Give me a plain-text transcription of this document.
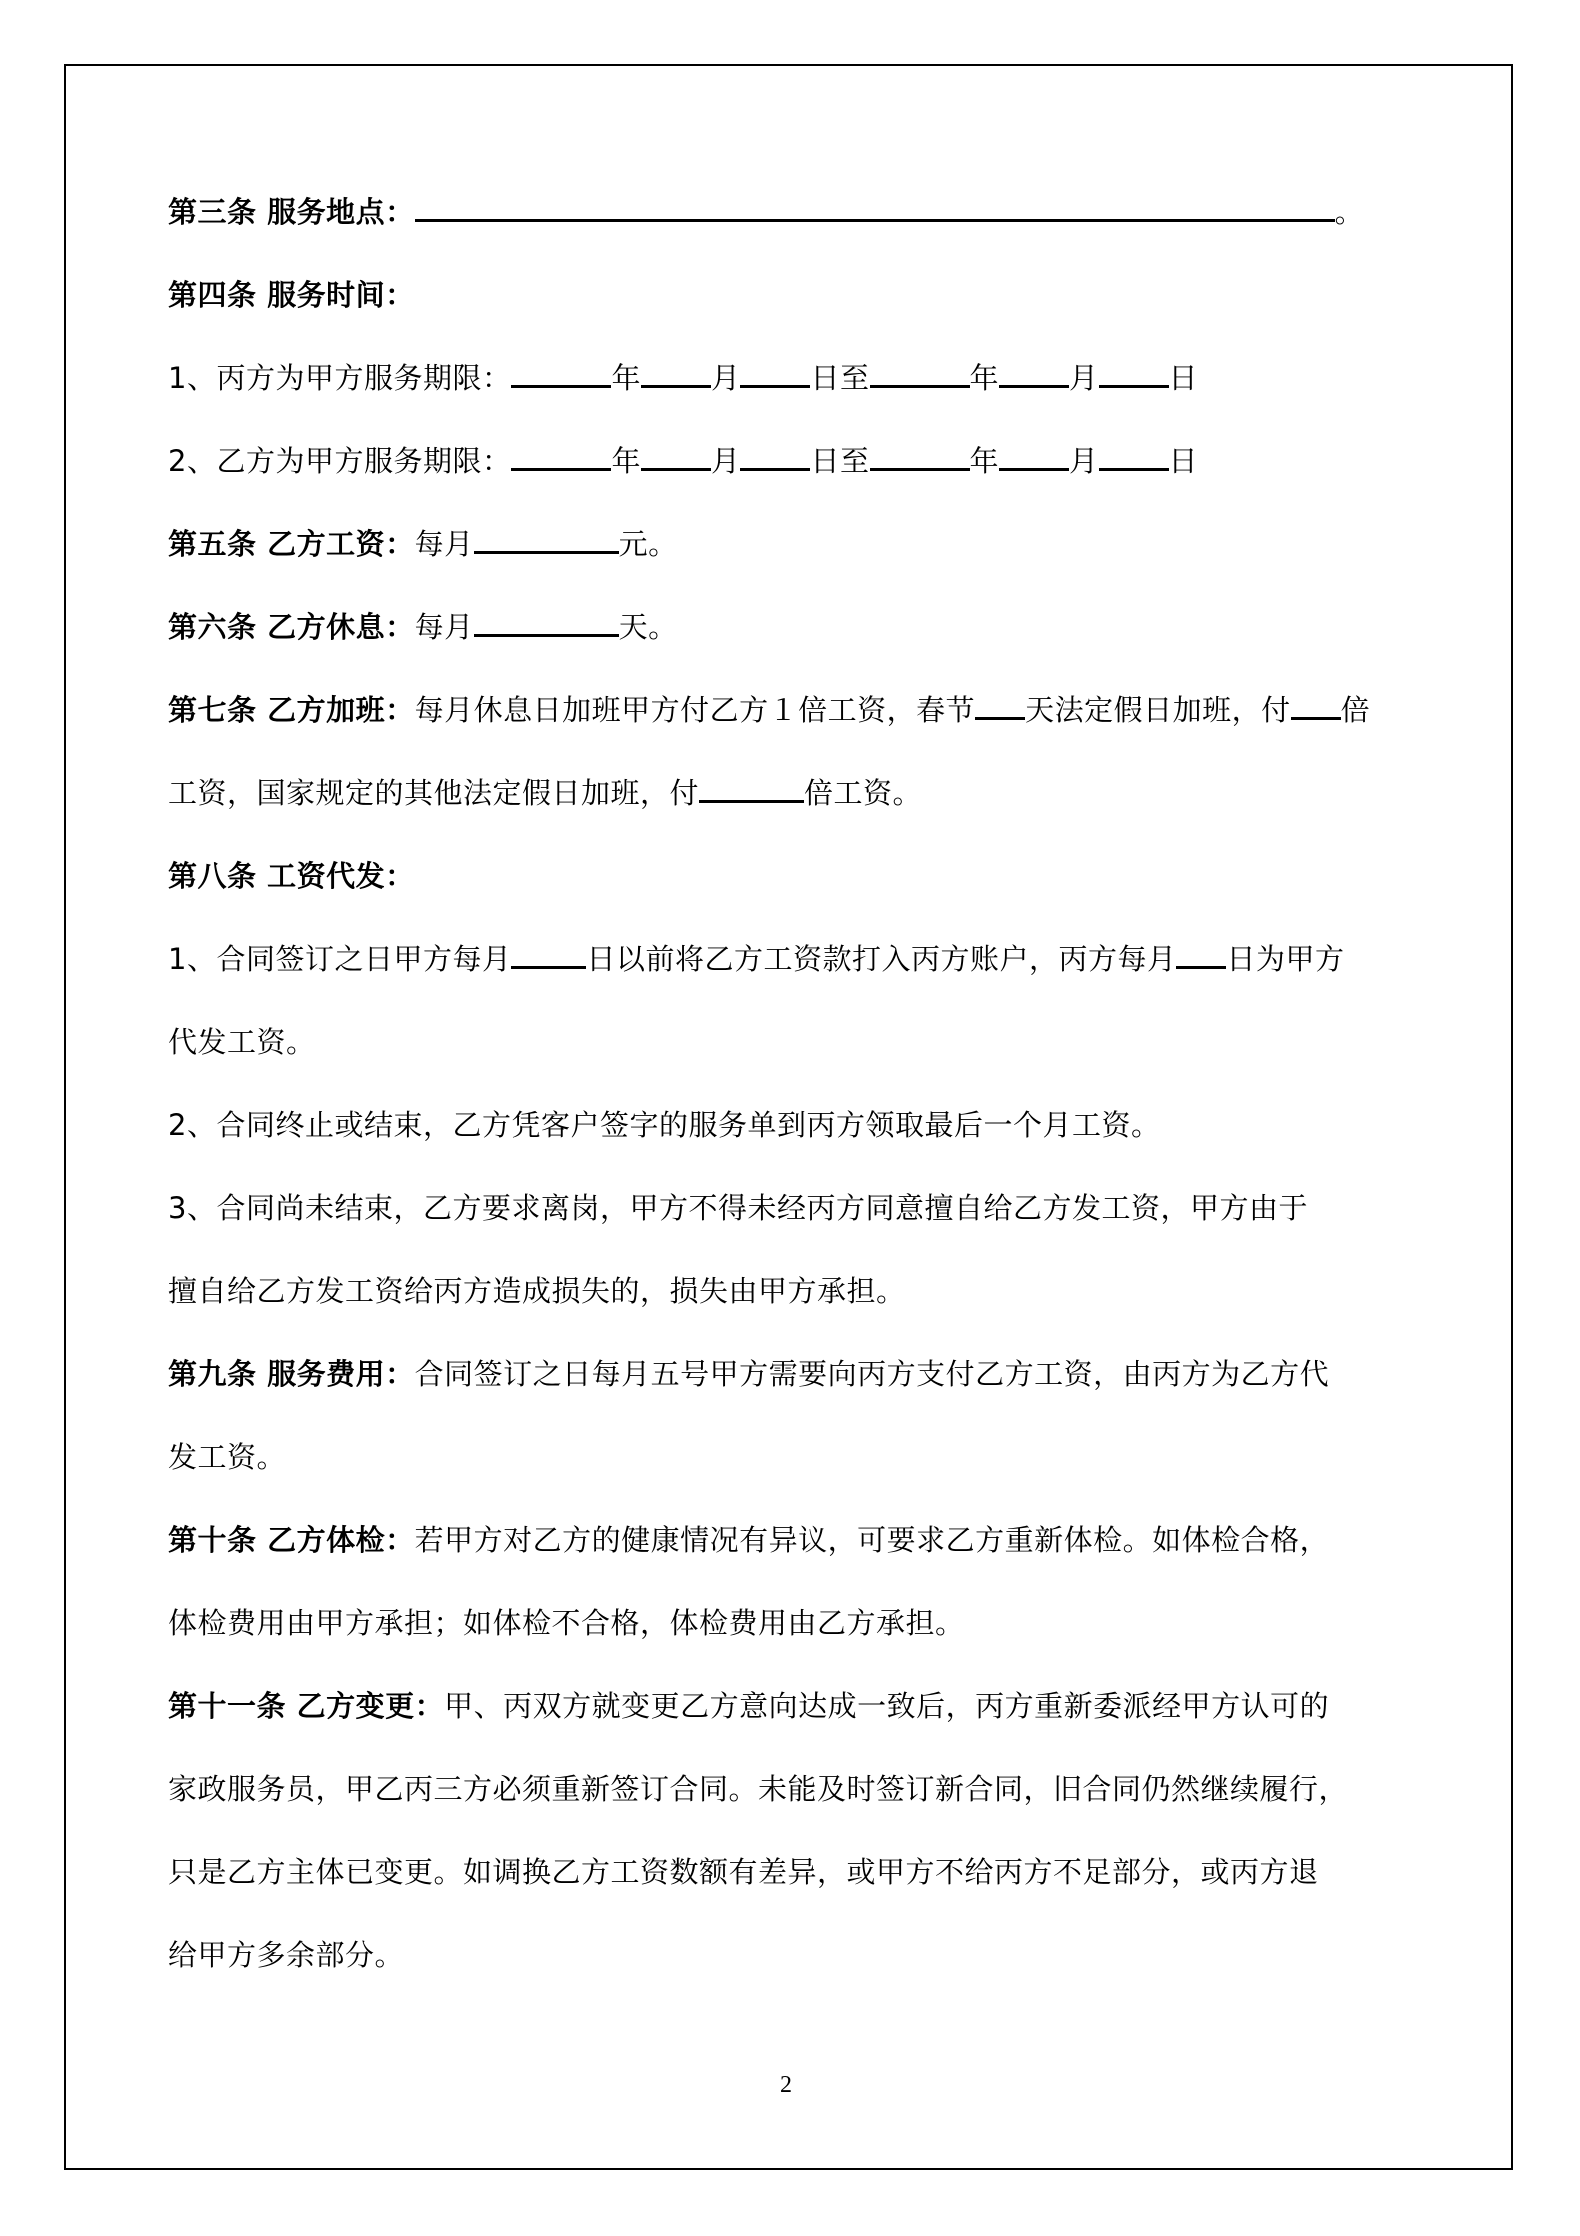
第三条 服务地点：	。
第四条 服务时间：
1、丙方为甲方服务期限：	年 月 日至	年 月 日
2、乙方为甲方服务期限：	年 月 日至	年 月 日
第五条 乙方工资：每月	元。
第六条 乙方休息：每月	天。
第七条 乙方加班：每月休息日加班甲方付乙方１倍工资，春节 天法定假日加班，付 倍
工资，国家规定的其他法定假日加班，付	倍工资。
第八条 工资代发：
1、合同签订之日甲方每月	日以前将乙方工资款打入丙方账户，丙方每月 日为甲方
代发工资。
2、合同终止或结束，乙方凭客户签字的服务单到丙方领取最后一个月工资。
3、合同尚未结束，乙方要求离岗，甲方不得未经丙方同意擅自给乙方发工资，甲方由于
擅自给乙方发工资给丙方造成损失的，损失由甲方承担。
第九条 服务费用：合同签订之日每月五号甲方需要向丙方支付乙方工资，由丙方为乙方代
发工资。
第十条 乙方体检：若甲方对乙方的健康情况有异议，可要求乙方重新体检。如体检合格，
体检费用由甲方承担；如体检不合格，体检费用由乙方承担。
第十一条 乙方变更：甲、丙双方就变更乙方意向达成一致后，丙方重新委派经甲方认可的
家政服务员，甲乙丙三方必须重新签订合同。未能及时签订新合同，旧合同仍然继续履行，
只是乙方主体已变更。如调换乙方工资数额有差异，或甲方不给丙方不足部分，或丙方退
给甲方多余部分。
2
